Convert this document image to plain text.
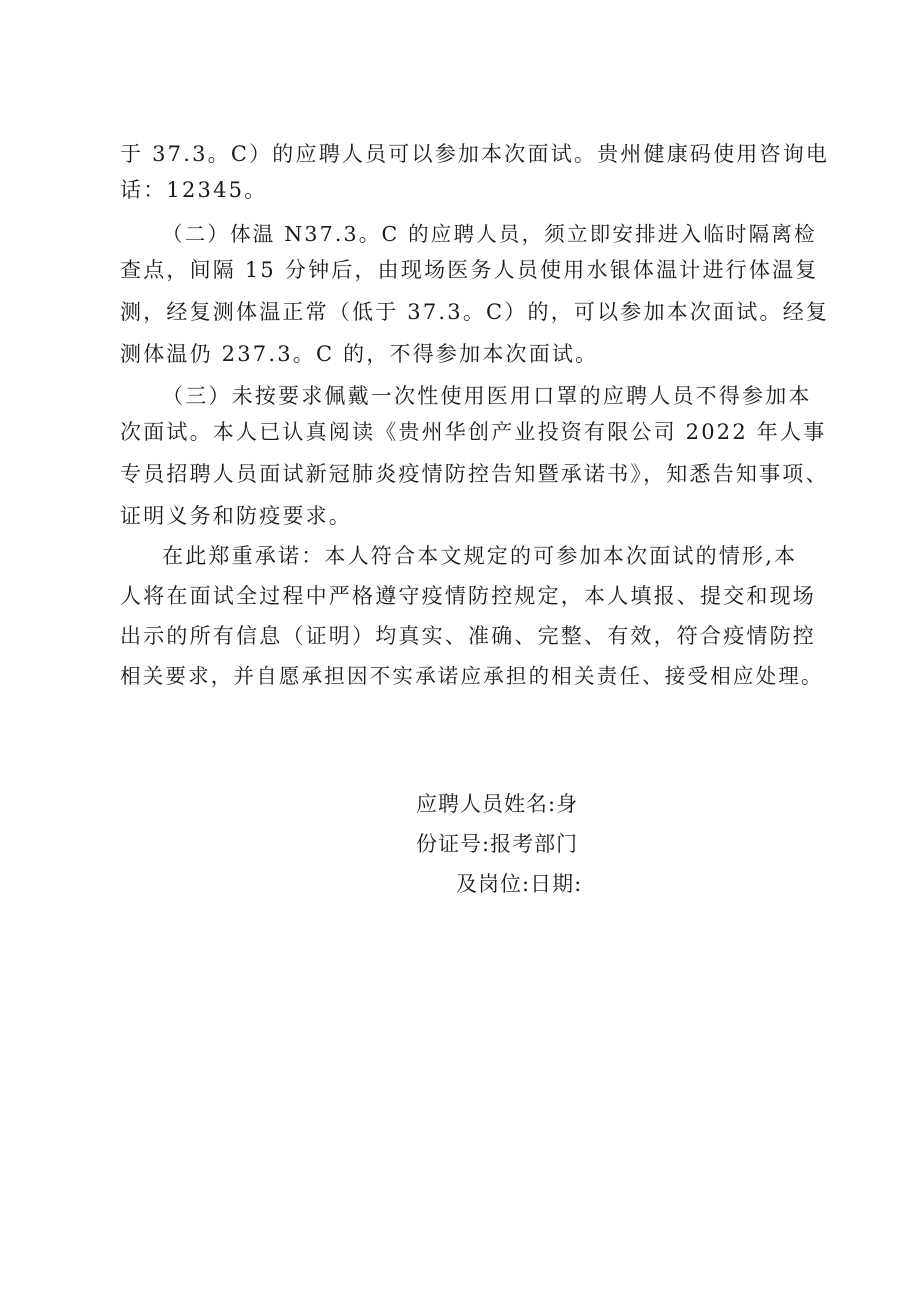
于 37.3。C）的应聘人员可以参加本次面试。贵州健康码使用咨询电
话：12345。
（二）体温 N37.3。C 的应聘人员，须立即安排进入临时隔离检
查点，间隔 15 分钟后，由现场医务人员使用水银体温计进行体温复
测，经复测体温正常（低于 37.3。C）的，可以参加本次面试。经复
测体温仍 237.3。C 的，不得参加本次面试。
（三）未按要求佩戴一次性使用医用口罩的应聘人员不得参加本
次面试。本人已认真阅读《贵州华创产业投资有限公司 2022 年人事
专员招聘人员面试新冠肺炎疫情防控告知暨承诺书》，知悉告知事项、
证明义务和防疫要求。
在此郑重承诺：本人符合本文规定的可参加本次面试的情形,本
人将在面试全过程中严格遵守疫情防控规定，本人填报、提交和现场
出示的所有信息（证明）均真实、准确、完整、有效，符合疫情防控
相关要求，并自愿承担因不实承诺应承担的相关责任、接受相应处理。
应聘人员姓名:身
份证号:报考部门
及岗位:日期:
